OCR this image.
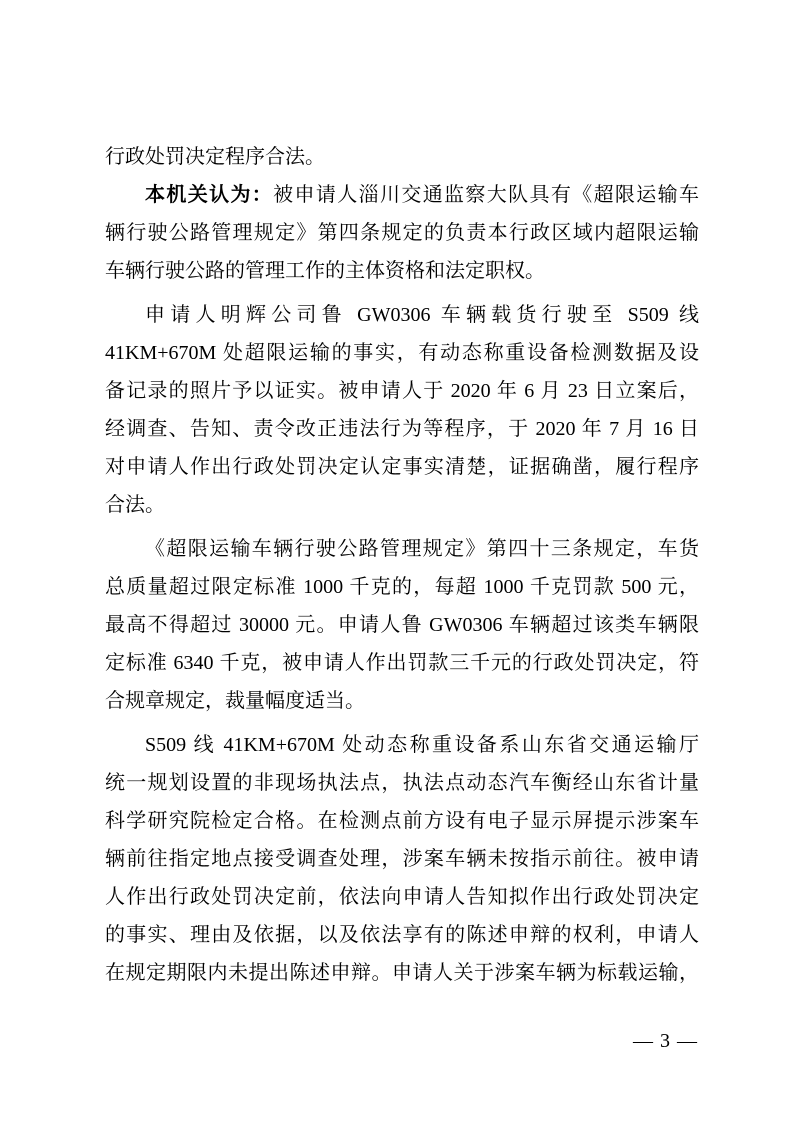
行政处罚决定程序合法。
本机关认为：被申请人淄川交通监察大队具有《超限运输车
辆行驶公路管理规定》第四条规定的负责本行政区域内超限运输
车辆行驶公路的管理工作的主体资格和法定职权。
申请人明辉公司鲁 GW0306 车辆载货行驶至 S509 线
41KM+670M 处超限运输的事实，有动态称重设备检测数据及设
备记录的照片予以证实。被申请人于 2020 年 6 月 23 日立案后，
经调查、告知、责令改正违法行为等程序，于 2020 年 7 月 16 日
对申请人作出行政处罚决定认定事实清楚，证据确凿，履行程序
合法。
《超限运输车辆行驶公路管理规定》第四十三条规定，车货
总质量超过限定标准 1000 千克的，每超 1000 千克罚款 500 元，
最高不得超过 30000 元。申请人鲁 GW0306 车辆超过该类车辆限
定标准 6340 千克，被申请人作出罚款三千元的行政处罚决定，符
合规章规定，裁量幅度适当。
S509 线 41KM+670M 处动态称重设备系山东省交通运输厅
统一规划设置的非现场执法点，执法点动态汽车衡经山东省计量
科学研究院检定合格。在检测点前方设有电子显示屏提示涉案车
辆前往指定地点接受调查处理，涉案车辆未按指示前往。被申请
人作出行政处罚决定前，依法向申请人告知拟作出行政处罚决定
的事实、理由及依据，以及依法享有的陈述申辩的权利，申请人
在规定期限内未提出陈述申辩。申请人关于涉案车辆为标载运输，
— 3 —
